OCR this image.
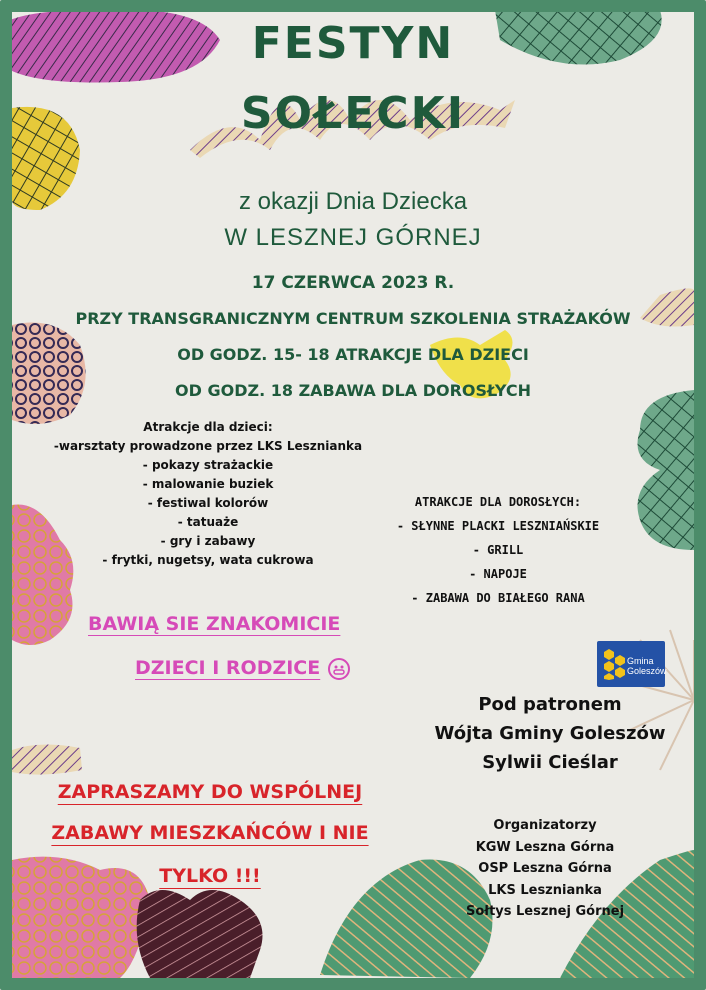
FESTYN
SOŁECKI
z okazji Dnia Dziecka
W LESZNEJ GÓRNEJ
17 CZERWCA 2023 R.
PRZY TRANSGRANICZNYM CENTRUM SZKOLENIA STRAŻAKÓW
OD GODZ. 15- 18 ATRAKCJE DLA DZIECI
OD GODZ. 18 ZABAWA DLA DOROSŁYCH
Atrakcje dla dzieci:
-warsztaty prowadzone przez LKS Lesznianka
- pokazy strażackie
- malowanie buziek
- festiwal kolorów
- tatuaże
- gry i zabawy
- frytki, nugetsy, wata cukrowa
ATRAKCJE DLA DOROSŁYCH:
- SŁYNNE PLACKI LESZNIAŃSKIE
- GRILL
- NAPOJE
- ZABAWA DO BIAŁEGO RANA
BAWIĄ SIE ZNAKOMICIE
DZIECI I RODZICE	Gmina
Goleszów
Pod patronem
Wójta Gminy Goleszów
Sylwii Cieślar
ZAPRASZAMY DO WSPÓLNEJ
ZABAWY MIESZKAŃCÓW I NIE
TYLKO !!!
Organizatorzy
KGW Leszna Górna
OSP Leszna Górna
LKS Lesznianka
Sołtys Lesznej Górnej
